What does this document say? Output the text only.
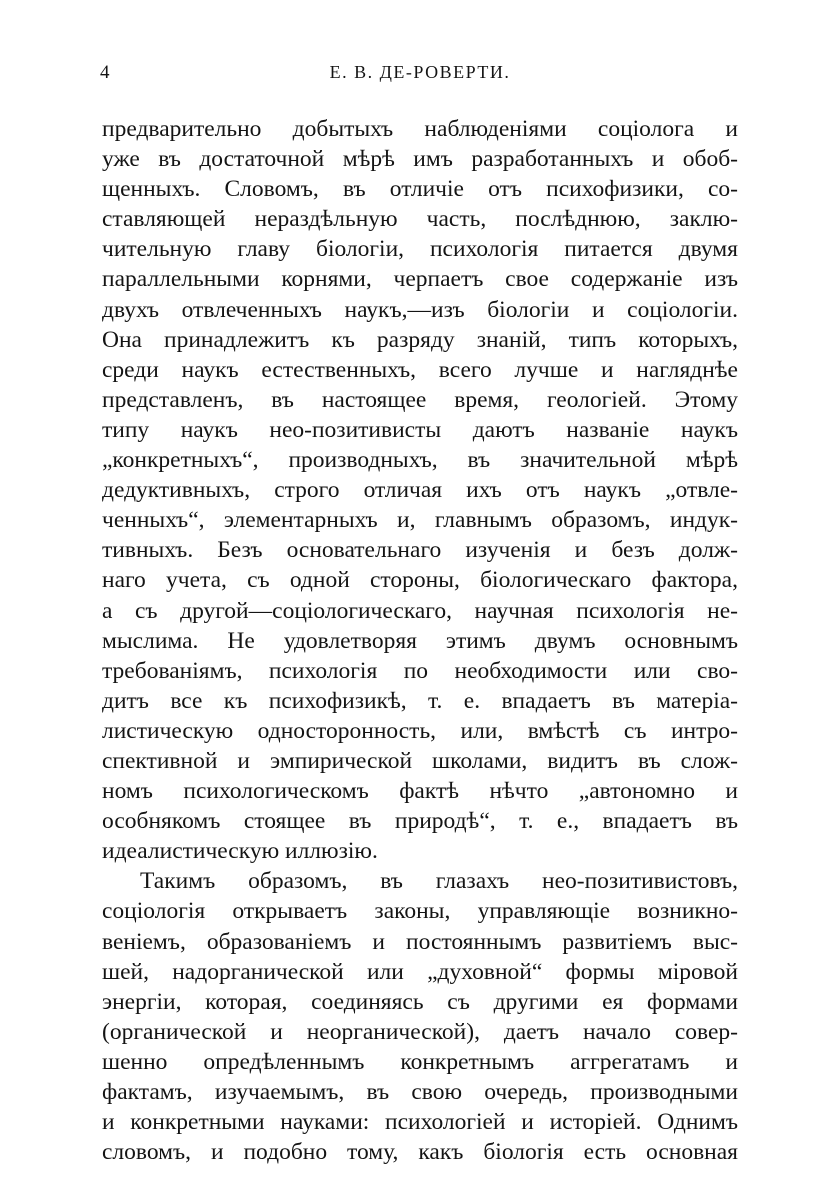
4	Е. В. ДЕ-РОВЕРТИ.
предварительно добытыхъ наблюденіями соціолога и
уже въ достаточной мѣрѣ имъ разработанныхъ и обоб-
щенныхъ. Словомъ, въ отличіе отъ психофизики, со-
ставляющей нераздѣльную часть, послѣднюю, заклю-
чительную главу біологіи, психологія питается двумя
параллельными корнями, черпаетъ свое содержаніе изъ
двухъ отвлеченныхъ наукъ,—изъ біологіи и соціологіи.
Она принадлежитъ къ разряду знаній, типъ которыхъ,
среди наукъ естественныхъ, всего лучше и нагляднѣе
представленъ, въ настоящее время, геологіей. Этому
типу наукъ нео-позитивисты даютъ названіе наукъ
„конкретныхъ“, производныхъ, въ значительной мѣрѣ
дедуктивныхъ, строго отличая ихъ отъ наукъ „отвле-
ченныхъ“, элементарныхъ и, главнымъ образомъ, индук-
тивныхъ. Безъ основательнаго изученія и безъ долж-
наго учета, съ одной стороны, біологическаго фактора,
а съ другой—соціологическаго, научная психологія не-
мыслима. Не удовлетворяя этимъ двумъ основнымъ
требованіямъ, психологія по необходимости или сво-
дитъ все къ психофизикѣ, т. е. впадаетъ въ матеріа-
листическую односторонность, или, вмѣстѣ съ интро-
спективной и эмпирической школами, видитъ въ слож-
номъ психологическомъ фактѣ нѣчто „автономно и
особнякомъ стоящее въ природѣ“, т. е., впадаетъ въ
идеалистическую иллюзію.
Такимъ образомъ, въ глазахъ нео-позитивистовъ,
соціологія открываетъ законы, управляющіе возникно-
веніемъ, образованіемъ и постояннымъ развитіемъ выс-
шей, надорганической или „духовной“ формы міровой
энергіи, которая, соединяясь съ другими ея формами
(органической и неорганической), даетъ начало совер-
шенно опредѣленнымъ конкретнымъ аггрегатамъ и
фактамъ, изучаемымъ, въ свою очередь, производными
и конкретными науками: психологіей и исторіей. Однимъ
словомъ, и подобно тому, какъ біологія есть основная
